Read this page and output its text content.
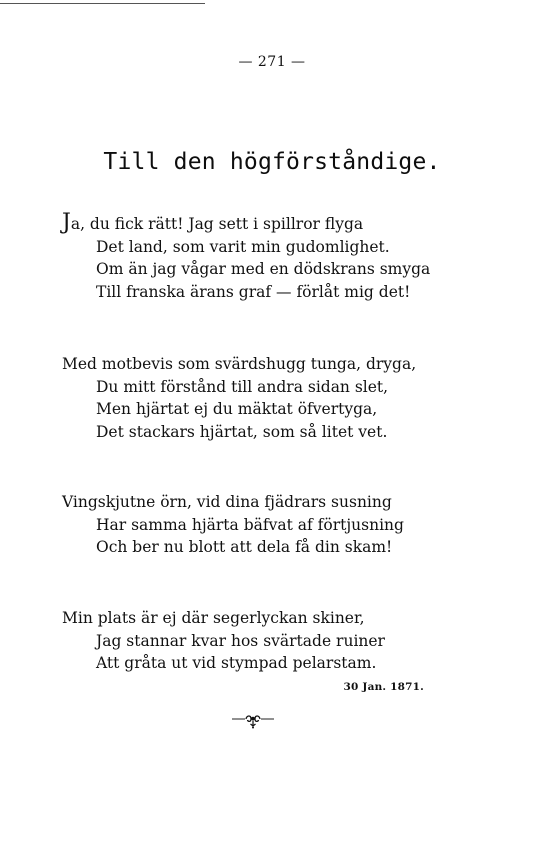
— 271 —
Till den högförståndige.
Ja, du fick rätt! Jag sett i spillror flyga
Det land, som varit min gudomlighet.
Om än jag vågar med en dödskrans smyga
Till franska ärans graf — förlåt mig det!
Med motbevis som svärdshugg tunga, dryga,
Du mitt förstånd till andra sidan slet,
Men hjärtat ej du mäktat öfvertyga,
Det stackars hjärtat, som så litet vet.
Vingskjutne örn, vid dina fjädrars susning
Har samma hjärta bäfvat af förtjusning
Och ber nu blott att dela få din skam!
Min plats är ej där segerlyckan skiner,
Jag stannar kvar hos svärtade ruiner
Att gråta ut vid stympad pelarstam.
30 Jan. 1871.
